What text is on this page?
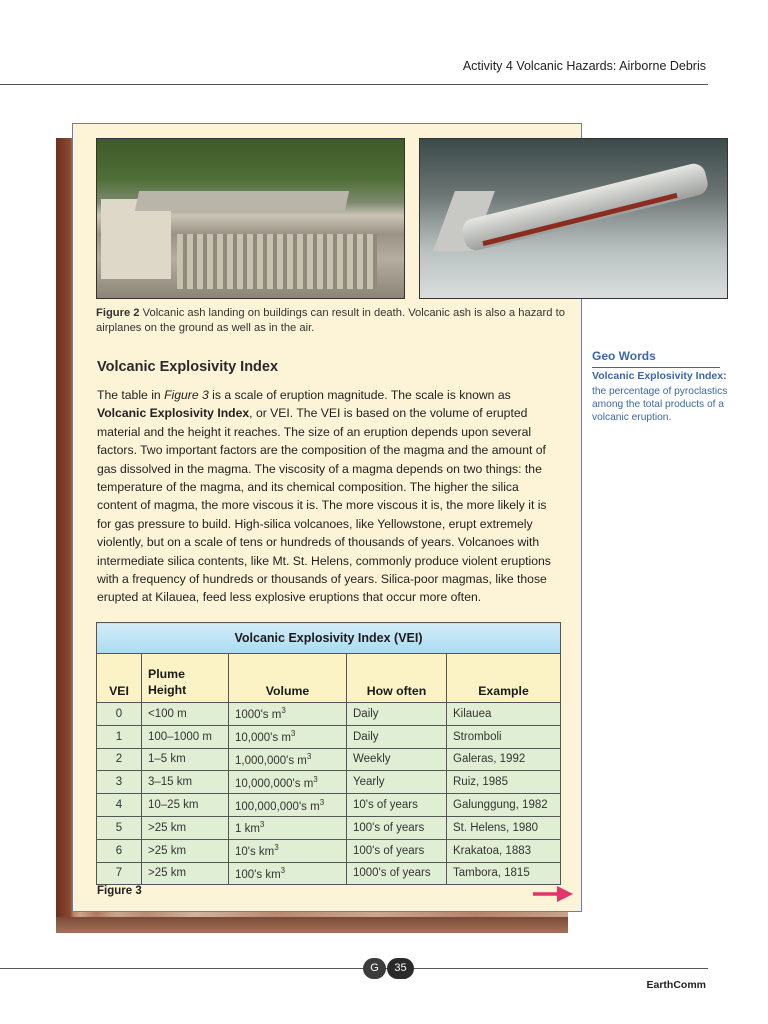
Activity 4 Volcanic Hazards: Airborne Debris
Figure 2 Volcanic ash landing on buildings can result in death. Volcanic ash is also a hazard to airplanes on the ground as well as in the air.
Volcanic Explosivity Index
The table in Figure 3 is a scale of eruption magnitude. The scale is known as Volcanic Explosivity Index, or VEI. The VEI is based on the volume of erupted material and the height it reaches. The size of an eruption depends upon several factors. Two important factors are the composition of the magma and the amount of gas dissolved in the magma. The viscosity of a magma depends on two things: the temperature of the magma, and its chemical composition. The higher the silica content of magma, the more viscous it is. The more viscous it is, the more likely it is for gas pressure to build. High-silica volcanoes, like Yellowstone, erupt extremely violently, but on a scale of tens or hundreds of thousands of years. Volcanoes with intermediate silica contents, like Mt. St. Helens, commonly produce violent eruptions with a frequency of hundreds or thousands of years. Silica-poor magmas, like those erupted at Kilauea, feed less explosive eruptions that occur more often.
Geo Words
Volcanic Explosivity Index:
the percentage of pyroclastics among the total products of a volcanic eruption.
Volcanic Explosivity Index (VEI)				
VEI	Plume Height	Volume	How often	Example
0	<100 m	1000's $m^3$	Daily	Kilauea
1	100–1000 m	10,000's $m^3$	Daily	Stromboli
2	1–5 km	1,000,000's $m^3$	Weekly	Galeras, 1992
3	3–15 km	10,000,000's $m^3$	Yearly	Ruiz, 1985
4	10–25 km	100,000,000's $m^3$	10's of years	Galunggung, 1982
5	>25 km	1 $km^3$	100's of years	St. Helens, 1980
6	>25 km	10's $km^3$	100's of years	Krakatoa, 1883
7	>25 km	100's $km^3$	1000's of years	Tambora, 1815
Figure 3
G	35
EarthComm
